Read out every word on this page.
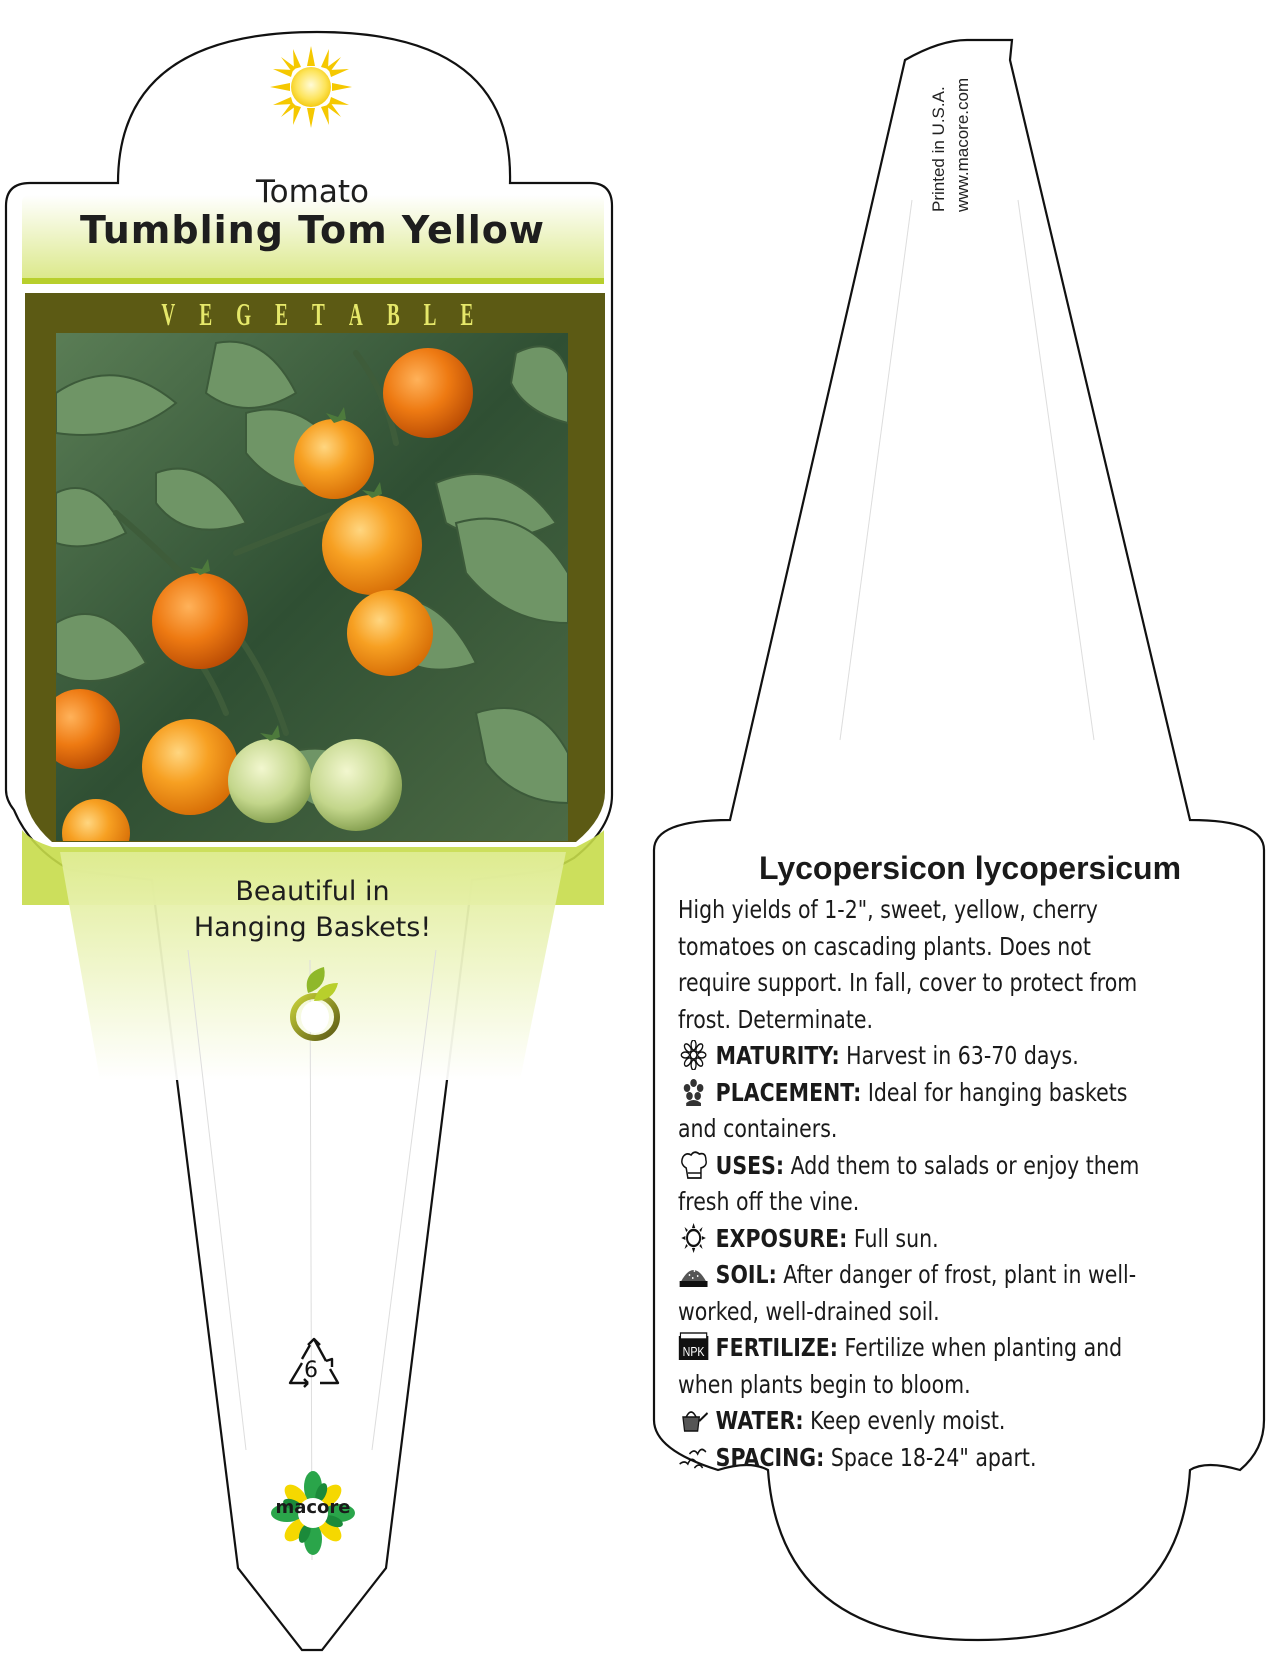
Tomato
Tumbling Tom Yellow
V E G E T A B L E
Beautiful in
Hanging Baskets!
6
macore
Printed in U.S.A. www.macore.com
Lycopersicon lycopersicum

High yields of 1-2", sweet, yellow, cherry tomatoes on cascading plants. Does not require support. In fall, cover to protect from frost. Determinate.

MATURITY: Harvest in 63-70 days.

PLACEMENT: Ideal for hanging baskets and containers.

USES: Add them to salads or enjoy them fresh off the vine.

EXPOSURE: Full sun.

SOIL: After danger of frost, plant in well-worked, well-drained soil.

NPK FERTILIZE: Fertilize when planting and when plants begin to bloom.

WATER: Keep evenly moist.

SPACING: Space 18-24" apart.
